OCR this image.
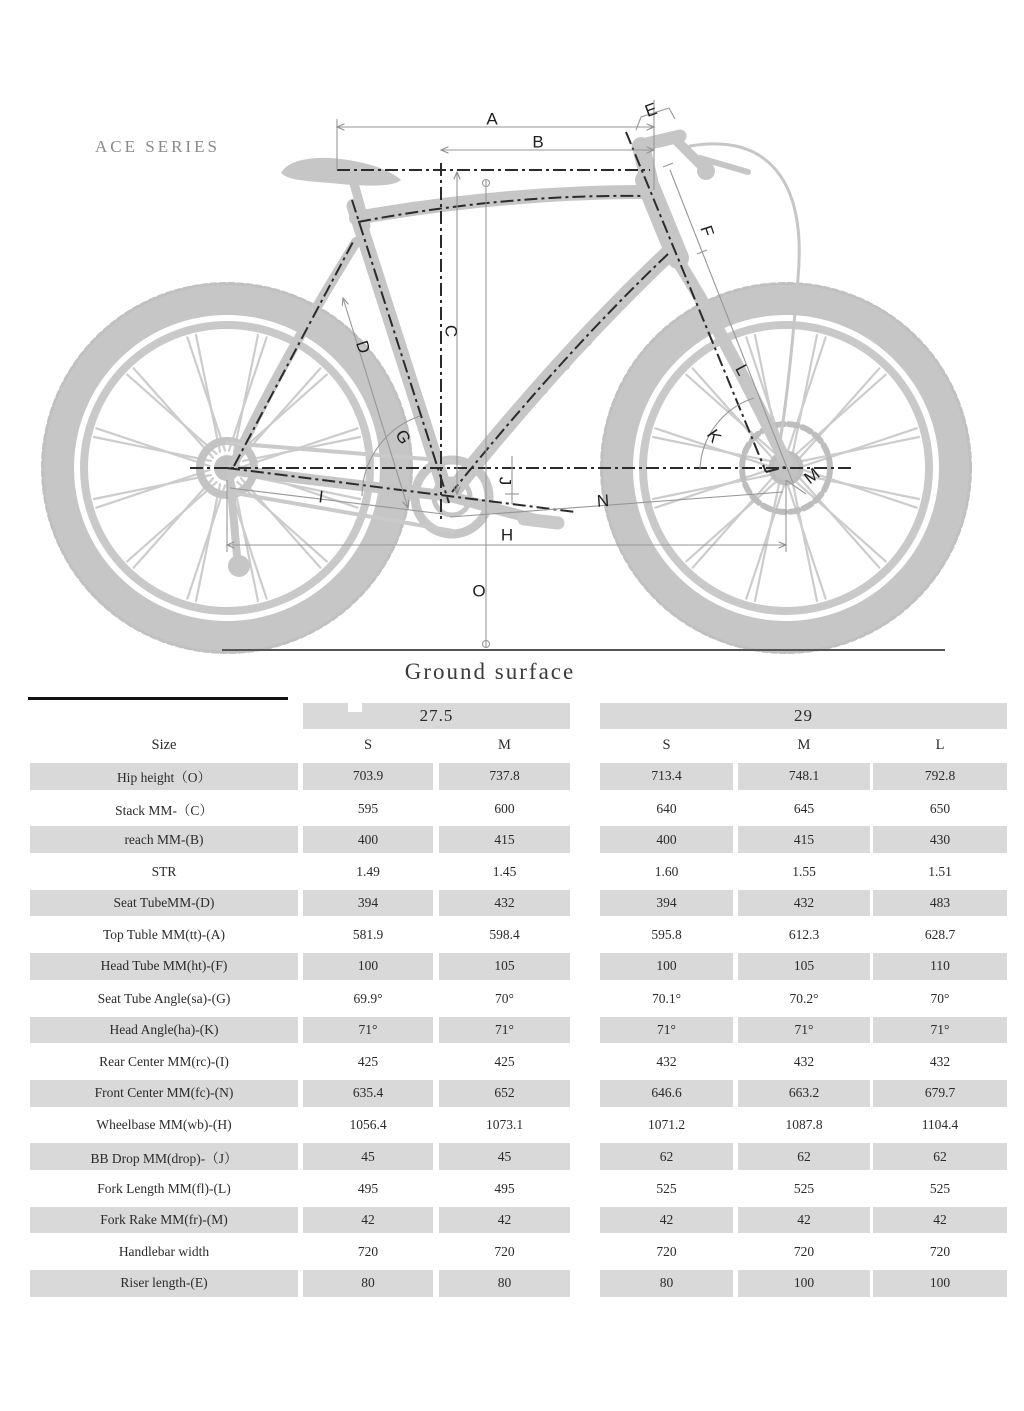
ACE SERIES
A
B
E
F
C
D
G	K
L
M
J
I	N
H
O
Ground surface
27.5	29
Size	S	M	S	M	L
Hip height（O）	703.9	737.8	713.4	748.1	792.8
Stack MM-（C）	595	600	640	645	650
reach MM-(B)	400	415	400	415	430
STR	1.49	1.45	1.60	1.55	1.51
Seat TubeMM-(D)	394	432	394	432	483
Top Tuble MM(tt)-(A)	581.9	598.4	595.8	612.3	628.7
Head Tube MM(ht)-(F)	100	105	100	105	110
Seat Tube Angle(sa)-(G)	69.9°	70°	70.1°	70.2°	70°
Head Angle(ha)-(K)	71°	71°	71°	71°	71°
Rear Center MM(rc)-(I)	425	425	432	432	432
Front Center MM(fc)-(N)	635.4	652	646.6	663.2	679.7
Wheelbase MM(wb)-(H)	1056.4	1073.1	1071.2	1087.8	1104.4
BB Drop MM(drop)-（J）	45	45	62	62	62
Fork Length MM(fl)-(L)	495	495	525	525	525
Fork Rake MM(fr)-(M)	42	42	42	42	42
Handlebar width	720	720	720	720	720
Riser length-(E)	80	80	80	100	100
